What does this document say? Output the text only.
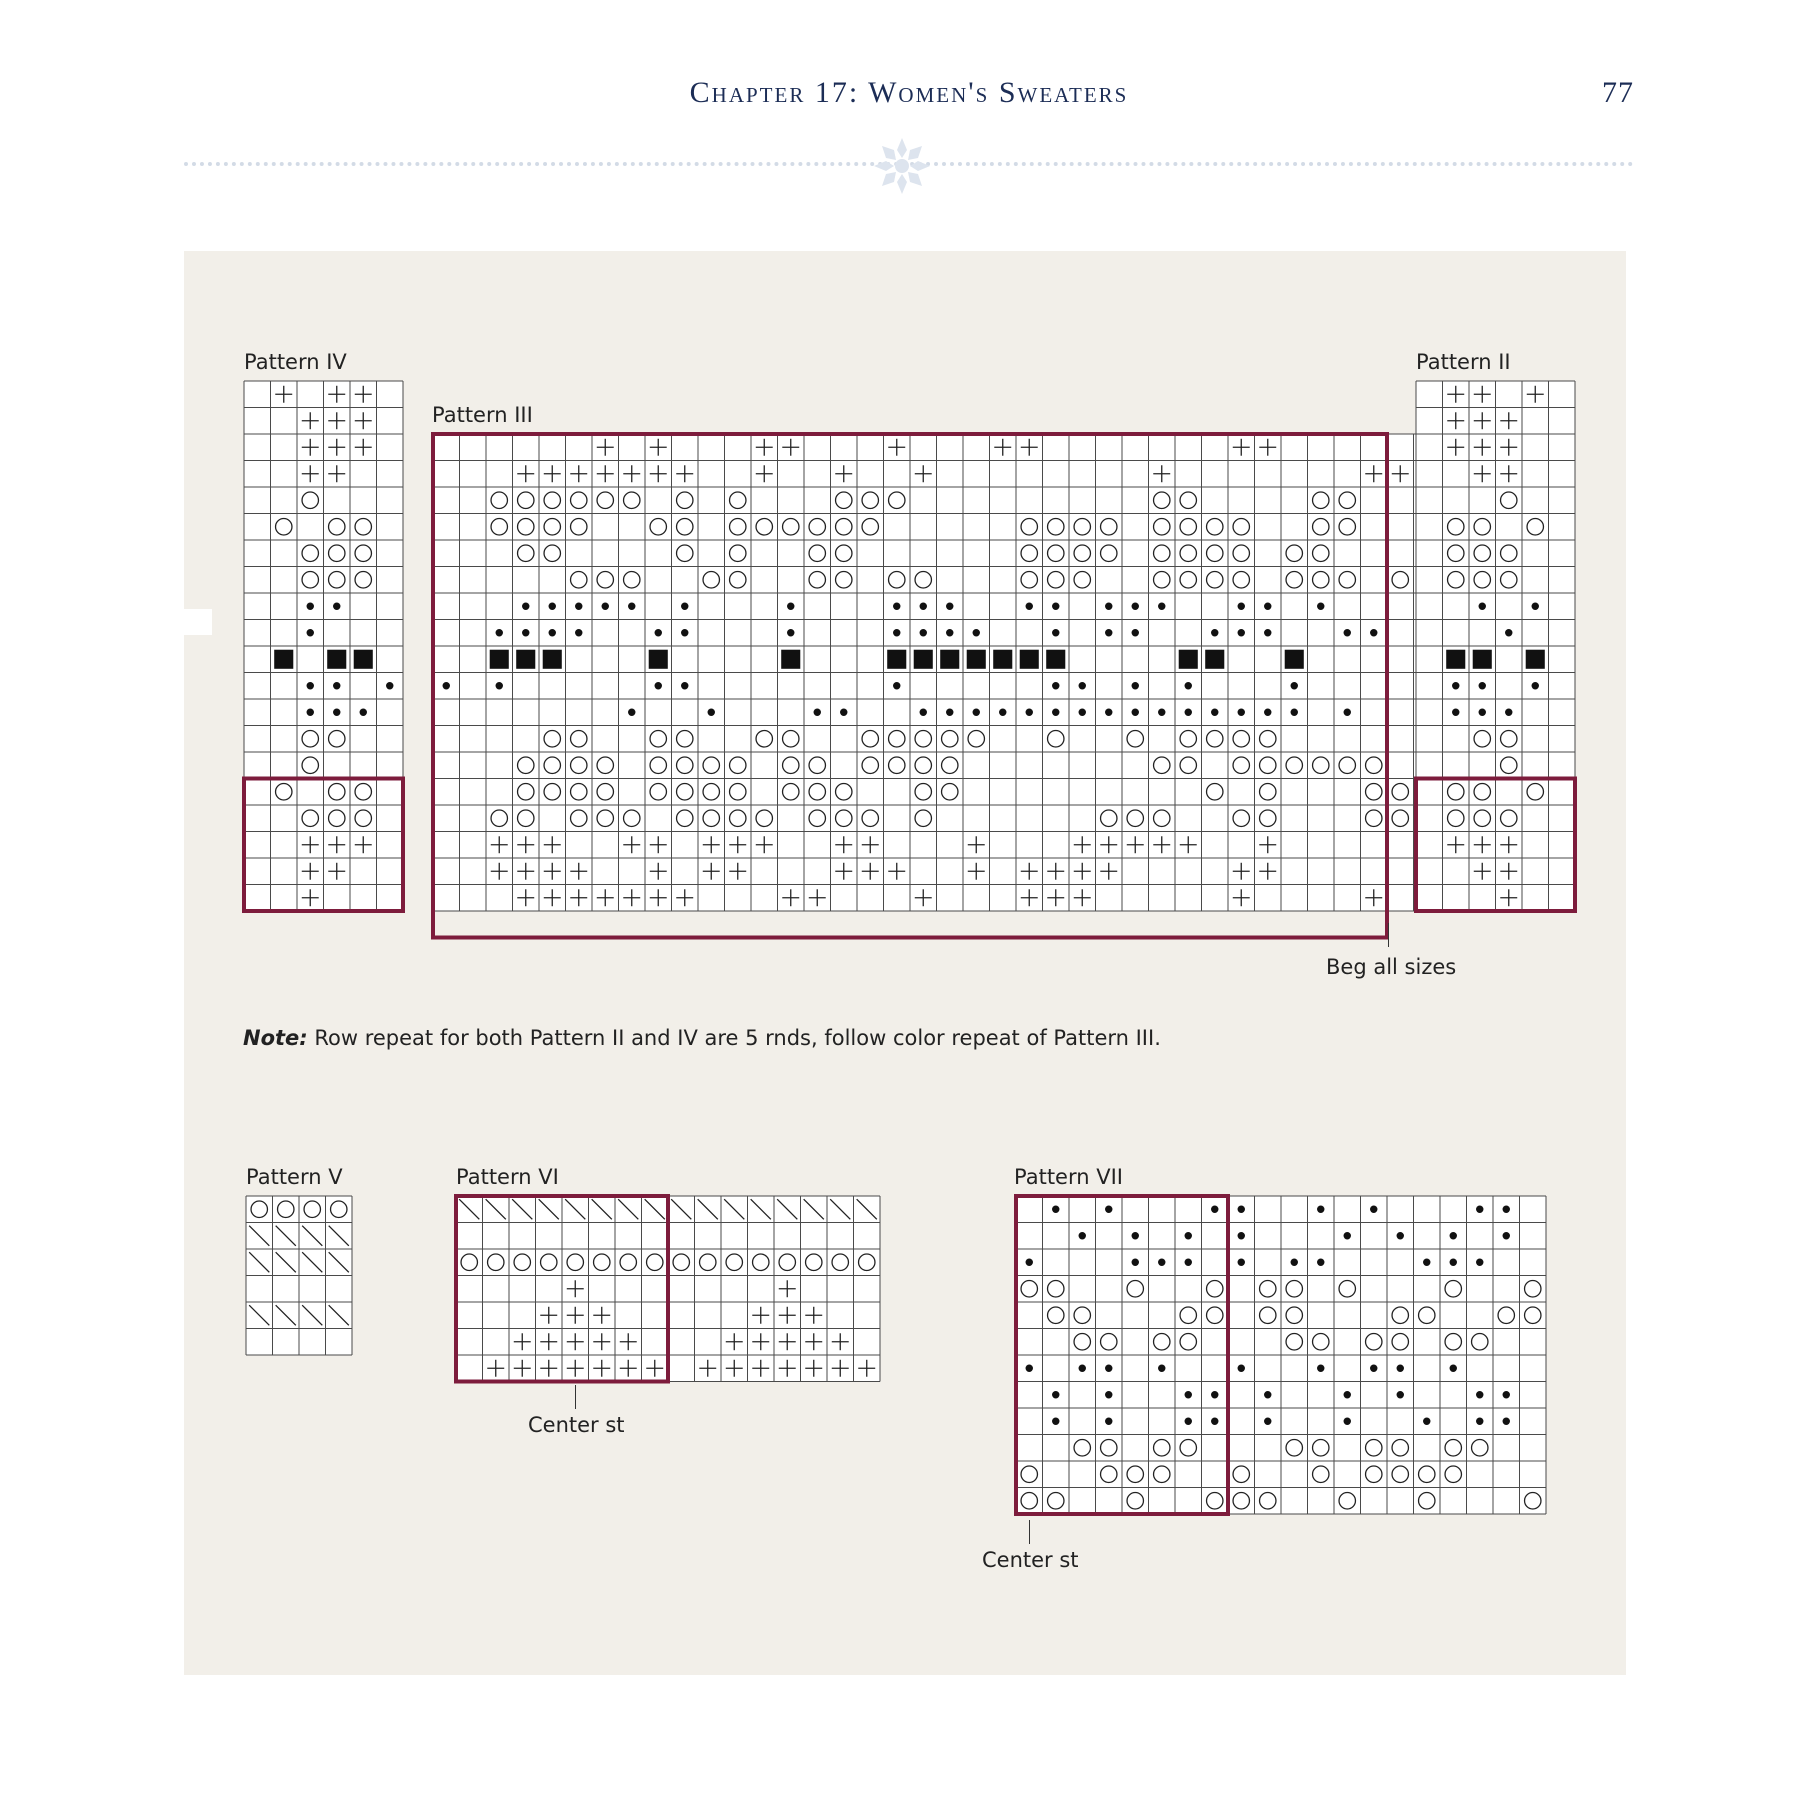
Chapter 17: Women's Sweaters	77
Pattern IV
Pattern III
Pattern II
Pattern V	Pattern VI	Pattern VII
Beg all sizes
Center st
Center st
Note: Row repeat for both Pattern II and IV are 5 rnds, follow color repeat of Pattern III.
